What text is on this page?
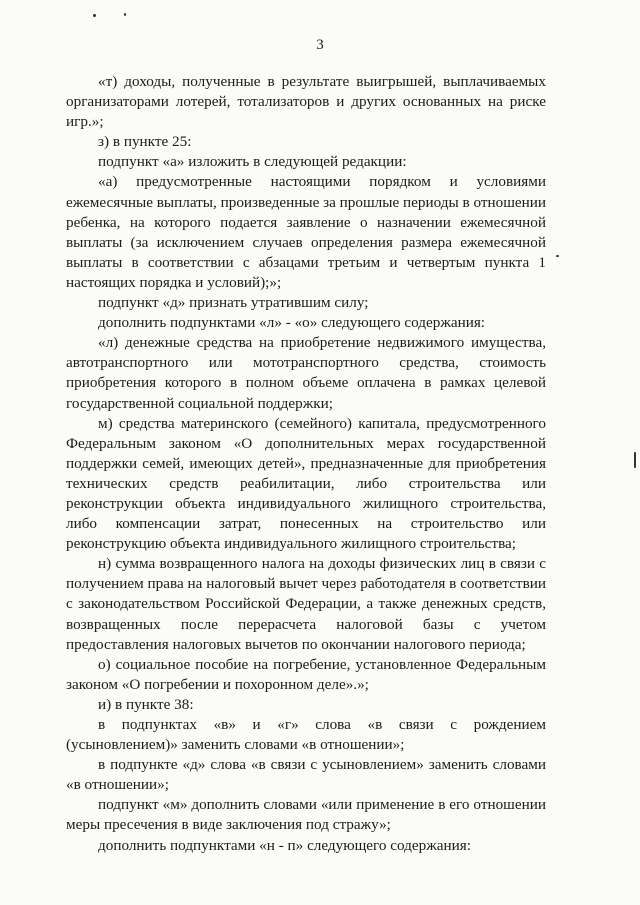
3

«т) доходы, полученные в результате выигрышей, выплачиваемых организаторами лотерей, тотализаторов и других основанных на риске игр.»;

з) в пункте 25:

подпункт «а» изложить в следующей редакции:

«а) предусмотренные настоящими порядком и условиями ежемесячные выплаты, произведенные за прошлые периоды в отношении ребенка, на которого подается заявление о назначении ежемесячной выплаты (за исключением случаев определения размера ежемесячной выплаты в соответствии с абзацами третьим и четвертым пункта 1 настоящих порядка и условий);»;

подпункт «д» признать утратившим силу;

дополнить подпунктами «л» - «о» следующего содержания:

«л) денежные средства на приобретение недвижимого имущества, автотранспортного или мототранспортного средства, стоимость приобретения которого в полном объеме оплачена в рамках целевой государственной социальной поддержки;

м) средства материнского (семейного) капитала, предусмотренного Федеральным законом «О дополнительных мерах государственной поддержки семей, имеющих детей», предназначенные для приобретения технических средств реабилитации, либо строительства или реконструкции объекта индивидуального жилищного строительства, либо компенсации затрат, понесенных на строительство или реконструкцию объекта индивидуального жилищного строительства;

н) сумма возвращенного налога на доходы физических лиц в связи с получением права на налоговый вычет через работодателя в соответствии с законодательством Российской Федерации, а также денежных средств, возвращенных после перерасчета налоговой базы с учетом предоставления налоговых вычетов по окончании налогового периода;

о) социальное пособие на погребение, установленное Федеральным законом «О погребении и похоронном деле».»;

и) в пункте 38:

в подпунктах «в» и «г» слова «в связи с рождением (усыновлением)» заменить словами «в отношении»;

в подпункте «д» слова «в связи с усыновлением» заменить словами «в отношении»;

подпункт «м» дополнить словами «или применение в его отношении меры пресечения в виде заключения под стражу»;

дополнить подпунктами «н - п» следующего содержания:
